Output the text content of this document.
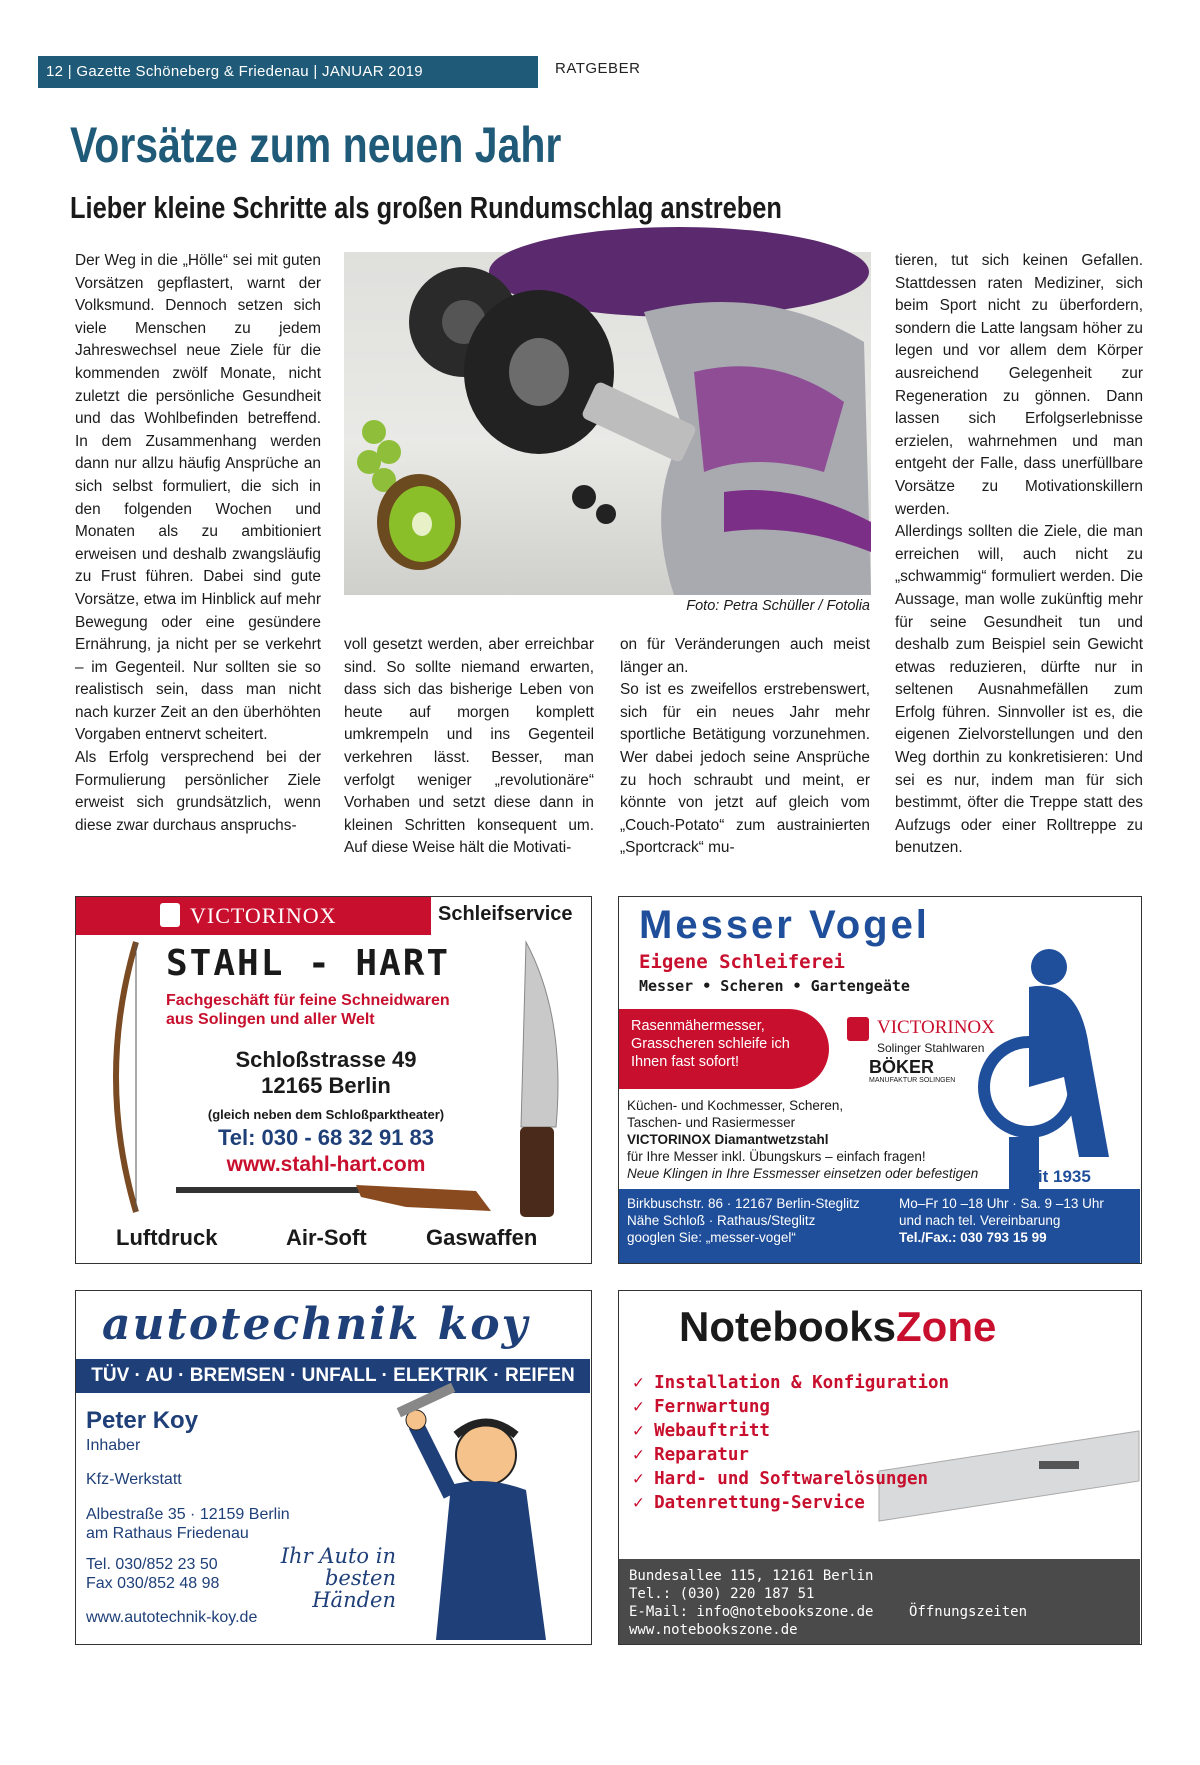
12 | Gazette Schöneberg & Friedenau | JANUAR 2019	RATGEBER
Vorsätze zum neuen Jahr
Lieber kleine Schritte als großen Rundumschlag anstreben

Der Weg in die „Hölle“ sei mit guten Vorsätzen gepflastert, warnt der Volksmund. Dennoch setzen sich viele Menschen zu jedem Jahreswechsel neue Ziele für die kommenden zwölf Monate, nicht zuletzt die persönliche Gesundheit und das Wohlbefinden betreffend. In dem Zusammenhang werden dann nur allzu häufig Ansprüche an sich selbst formuliert, die sich in den folgenden Wochen und Monaten als zu ambitioniert erweisen und deshalb zwangsläufig zu Frust führen. Dabei sind gute Vorsätze, etwa im Hinblick auf mehr Bewegung oder eine gesündere Ernährung, ja nicht per se verkehrt – im Gegenteil. Nur sollten sie so realistisch sein, dass man nicht nach kurzer Zeit an den überhöhten Vorgaben entnervt scheitert.

Als Erfolg versprechend bei der Formulierung persönlicher Ziele erweist sich grundsätzlich, wenn diese zwar durchaus anspruchs-

Foto: Petra Schüller / Fotolia

voll gesetzt werden, aber erreichbar sind. So sollte niemand erwarten, dass sich das bisherige Leben von heute auf morgen komplett umkrempeln und ins Gegenteil verkehren lässt. Besser, man verfolgt weniger „revolutionäre“ Vorhaben und setzt diese dann in kleinen Schritten konsequent um. Auf diese Weise hält die Motivati-

on für Veränderungen auch meist länger an.

So ist es zweifellos erstrebenswert, sich für ein neues Jahr mehr sportliche Betätigung vorzunehmen. Wer dabei jedoch seine Ansprüche zu hoch schraubt und meint, er könnte von jetzt auf gleich vom „Couch-Potato“ zum austrainierten „Sportcrack“ mu-

tieren, tut sich keinen Gefallen. Stattdessen raten Mediziner, sich beim Sport nicht zu überfordern, sondern die Latte langsam höher zu legen und vor allem dem Körper ausreichend Gelegenheit zur Regeneration zu gönnen. Dann lassen sich Erfolgserlebnisse erzielen, wahrnehmen und man entgeht der Falle, dass unerfüllbare Vorsätze zu Motivationskillern werden.

Allerdings sollten die Ziele, die man erreichen will, auch nicht zu „schwammig“ formuliert werden. Die Aussage, man wolle zukünftig mehr für seine Gesundheit tun und deshalb zum Beispiel sein Gewicht etwas reduzieren, dürfte nur in seltenen Ausnahmefällen zum Erfolg führen. Sinnvoller ist es, die eigenen Zielvorstellungen und den Weg dorthin zu konkretisieren: Und sei es nur, indem man für sich bestimmt, öfter die Treppe statt des Aufzugs oder einer Rolltreppe zu benutzen.

VICTORINOX	Schleifservice
STAHL - HART
Fachgeschäft für feine Schneidwaren
aus Solingen und aller Welt
Schloßstrasse 49
12165 Berlin
(gleich neben dem Schloßparktheater)
Tel: 030 - 68 32 91 83
www.stahl-hart.com
Luftdruck	Air-Soft	Gaswaffen
Messer Vogel
Eigene Schleiferei
Messer • Scheren • Gartengeäte
Rasenmähermesser, Grasscheren schleife ich Ihnen fast sofort!
VICTORINOX
Solinger Stahlwaren
BÖKER
MANUFAKTUR SOLINGEN
Küchen- und Kochmesser, Scheren,
Taschen- und Rasiermesser
VICTORINOX Diamantwetzstahl
für Ihre Messer inkl. Übungskurs – einfach fragen!
Neue Klingen in Ihre Essmesser einsetzen oder befestigen seit 1935
Birkbuschstr. 86 · 12167 Berlin-Steglitz
Nähe Schloß · Rathaus/Steglitz
googlen Sie: „messer-vogel“
Mo–Fr 10 –18 Uhr · Sa. 9 –13 Uhr
und nach tel. Vereinbarung
Tel./Fax.: 030 793 15 99
autotechnik koy
TÜV · AU · BREMSEN · UNFALL · ELEKTRIK · REIFEN
Peter Koy
Inhaber
Kfz-Werkstatt
Albestraße 35 · 12159 Berlin
am Rathaus Friedenau
Tel. 030/852 23 50
Fax 030/852 48 98
Ihr Auto in
besten Händen
www.autotechnik-koy.de
NotebooksZone
✓ Installation & Konfiguration
✓ Fernwartung
✓ Webauftritt
✓ Reparatur
✓ Hard- und Softwarelösungen
✓ Datenrettung-Service
Bundesallee 115, 12161 Berlin
Tel.: (030) 220 187 51
E-Mail: info@notebookszone.de
www.notebookszone.de

Öffnungszeiten

Mo-Fr  10.00-18.00 Uhr

Sa       10.00-14.00 Uhr
